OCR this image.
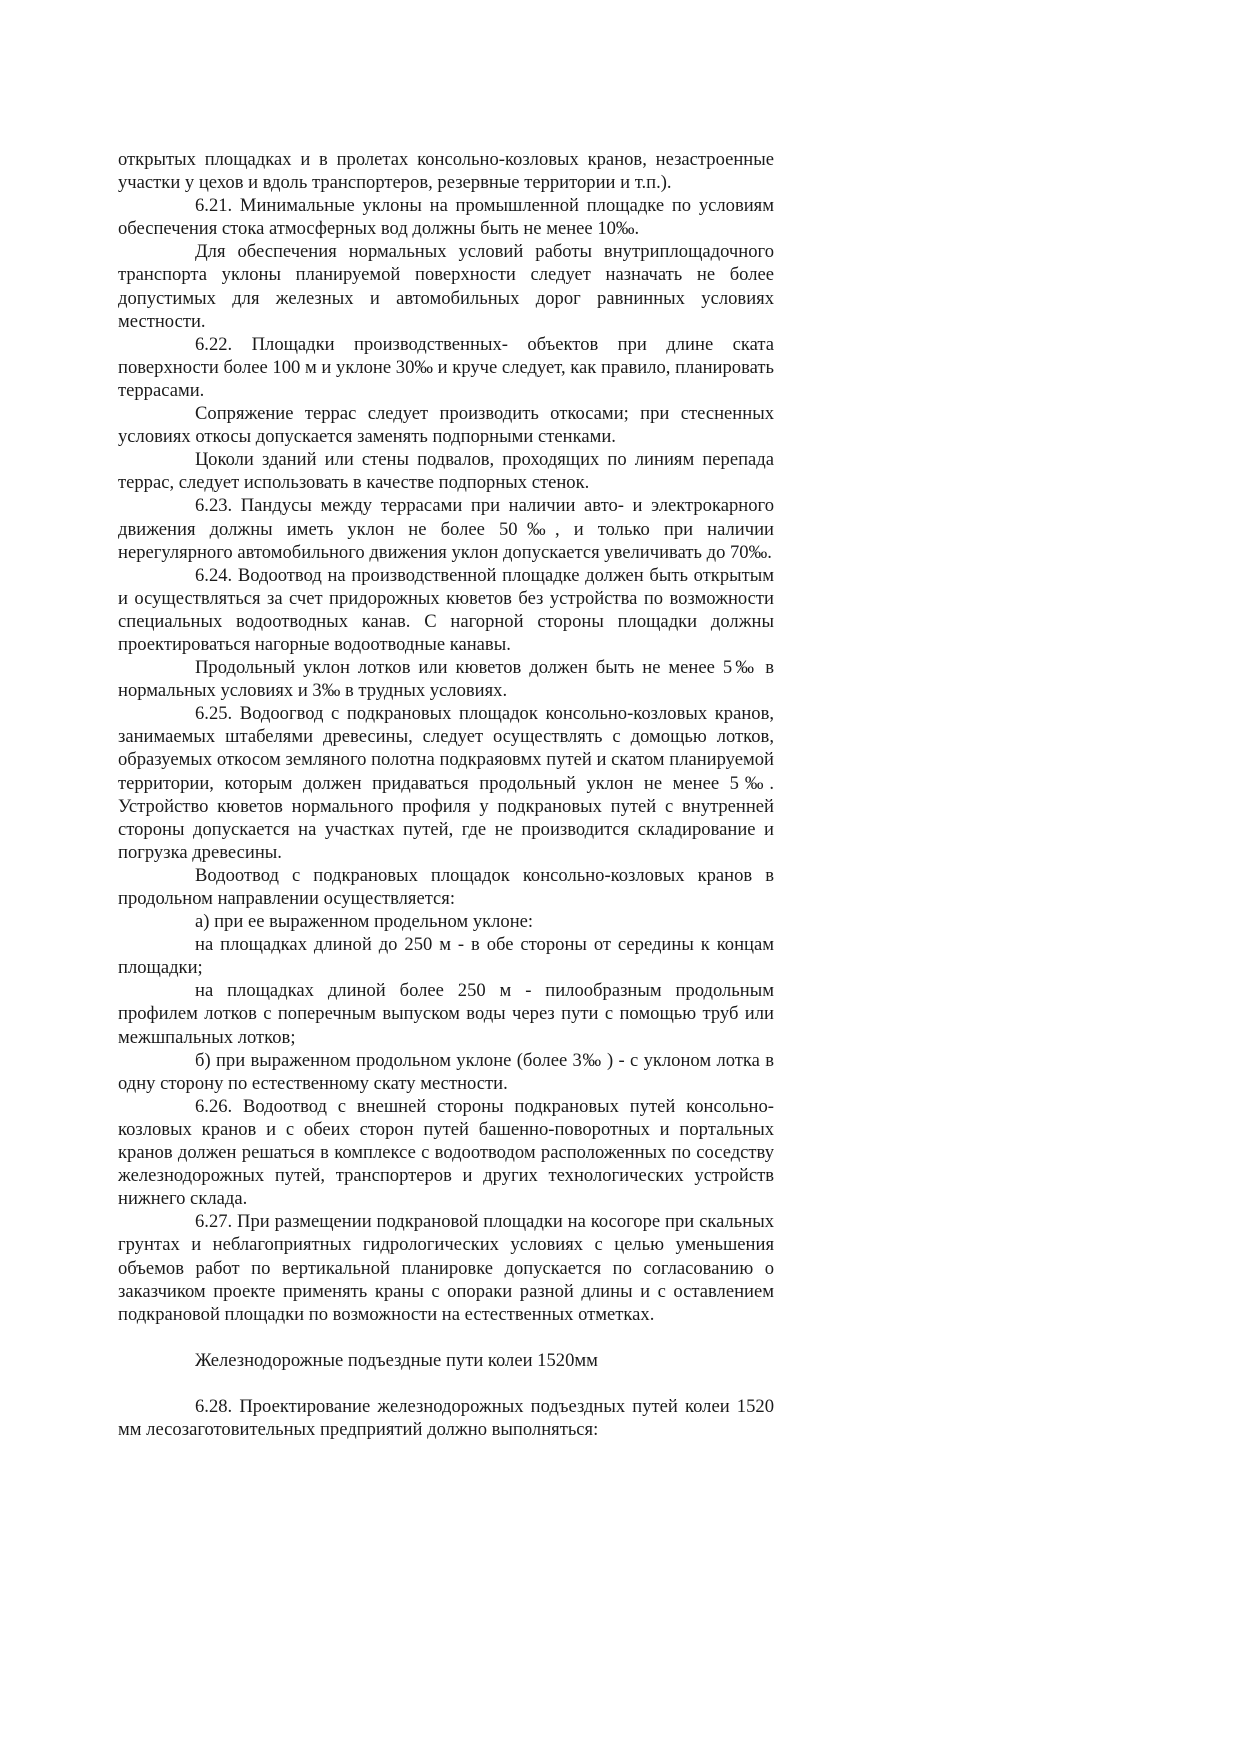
открытых площадках и в пролетах консольно-козловых кранов, незастроенные участки у цехов и вдоль транспортеров, резервные территории и т.п.).

6.21. Минимальные уклоны на промышленной площадке по условиям обеспечения стока атмосферных вод должны быть не менее 10‰.

Для обеспечения нормальных условий работы внутриплощадочного транспорта уклоны планируемой поверхности следует назначать не более допустимых для железных и автомобильных дорог равнинных условиях местности.

6.22. Площадки производственных- объектов при длине ската поверхности более 100 м и уклоне 30‰ и круче следует, как правило, планировать террасами.

Сопряжение террас следует производить откосами; при стесненных условиях откосы допускается заменять подпорными стенками.

Цоколи зданий или стены подвалов, проходящих по линиям перепада террас, следует использовать в качестве подпорных стенок.

6.23. Пандусы между террасами при наличии авто- и электрокарного движения должны иметь уклон не более 50‰, и только при наличии нерегулярного автомобильного движения уклон допускается увеличивать до 70‰.

6.24. Водоотвод на производственной площадке должен быть открытым и осуществляться за счет придорожных кюветов без устройства по возможности специальных водоотводных канав. С нагорной стороны площадки должны проектироваться нагорные водоотводные канавы.

Продольный уклон лотков или кюветов должен быть не менее 5‰ в нормальных условиях и 3‰ в трудных условиях.

6.25. Водоогвод с подкрановых площадок консольно-козловых кранов, занимаемых штабелями древесины, следует осуществлять с домощью лотков, образуемых откосом земляного полотна подкраяовмх путей и скатом планируемой территории, которым должен придаваться продольный уклон не менее 5‰. Устройство кюветов нормального профиля у подкрановых путей с внутренней стороны допускается на участках путей, где не производится складирование и погрузка древесины.

Водоотвод с подкрановых площадок консольно-козловых кранов в продольном направлении осуществляется:

а) при ее выраженном продельном уклоне:

на площадках длиной до 250 м - в обе стороны от середины к концам площадки;

на площадках длиной более 250 м - пилообразным продольным профилем лотков с поперечным выпуском воды через пути с помощью труб или межшпальных лотков;

б) при выраженном продольном уклоне (более 3‰ ) - с уклоном лотка в одну сторону по естественному скату местности.

6.26. Водоотвод с внешней стороны подкрановых путей консольно-козловых кранов и с обеих сторон путей башенно-поворотных и портальных кранов должен решаться в комплексе с водоотводом расположенных по соседству железнодорожных путей, транспортеров и других технологических устройств нижнего склада.

6.27. При размещении подкрановой площадки на косогоре при скальных грунтах и неблагоприятных гидрологических условиях с целью уменьшения объемов работ по вертикальной планировке допускается по согласованию о заказчиком проекте применять краны с опораки разной длины и с оставлением подкрановой площадки по возможности на естественных отметках.

Железнодорожные подъездные пути колеи 1520мм

6.28. Проектирование железнодорожных подъездных путей колеи 1520 мм лесозаготовительных предприятий должно выполняться:
